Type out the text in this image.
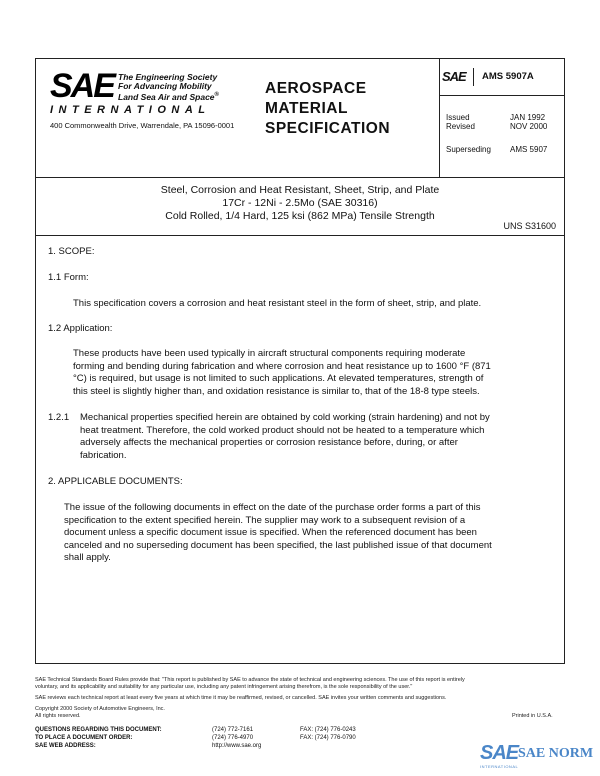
SAE The Engineering Society
For Advancing Mobility
Land Sea Air and Space®
INTERNATIONAL
400 Commonwealth Drive, Warrendale, PA 15096-0001
AEROSPACE
MATERIAL
SPECIFICATION
SAE	AMS 5907A
Issued	JAN 1992
Revised	NOV 2000
Superseding AMS 5907
Steel, Corrosion and Heat Resistant, Sheet, Strip, and Plate
17Cr - 12Ni - 2.5Mo (SAE 30316)
Cold Rolled, 1/4 Hard, 125 ksi (862 MPa) Tensile Strength
UNS S31600
1. SCOPE:
1.1 Form:
This specification covers a corrosion and heat resistant steel in the form of sheet, strip, and plate.
1.2 Application:
These products have been used typically in aircraft structural components requiring moderate
forming and bending during fabrication and where corrosion and heat resistance up to 1600 °F (871
°C) is required, but usage is not limited to such applications. At elevated temperatures, strength of
this steel is slightly higher than, and oxidation resistance is similar to, that of the 18-8 type steels.
1.2.1 Mechanical properties specified herein are obtained by cold working (strain hardening) and not by
heat treatment. Therefore, the cold worked product should not be heated to a temperature which
adversely affects the mechanical properties or corrosion resistance before, during, or after
fabrication.
2. APPLICABLE DOCUMENTS:
The issue of the following documents in effect on the date of the purchase order forms a part of this
specification to the extent specified herein. The supplier may work to a subsequent revision of a
document unless a specific document issue is specified. When the referenced document has been
canceled and no superseding document has been specified, the last published issue of that document
shall apply.
SAE Technical Standards Board Rules provide that: "This report is published by SAE to advance the state of technical and engineering sciences. The use of this report is entirely
voluntary, and its applicability and suitability for any particular use, including any patent infringement arising therefrom, is the sole responsibility of the user."
SAE reviews each technical report at least every five years at which time it may be reaffirmed, revised, or cancelled. SAE invites your written comments and suggestions.
Copyright 2000 Society of Automotive Engineers, Inc.
All rights reserved.	Printed in U.S.A.
QUESTIONS REGARDING THIS DOCUMENT:	(724) 772-7161	FAX: (724) 776-0243
TO PLACE A DOCUMENT ORDER:	(724) 776-4970	FAX: (724) 776-0790
SAE WEB ADDRESS:	http://www.sae.org	SAE SAE NORM
INTERNATIONAL
